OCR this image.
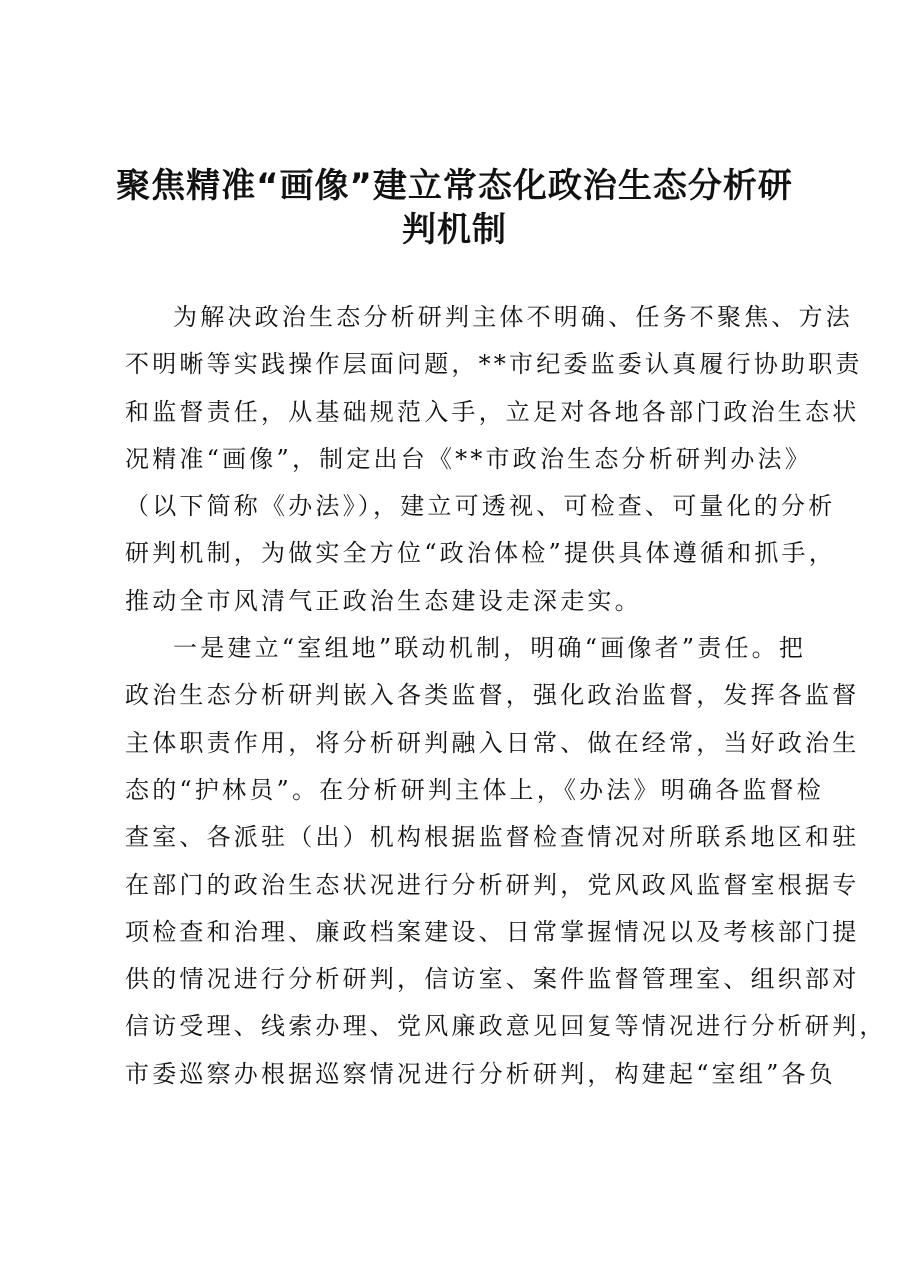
聚焦精准“画像”建立常态化政治生态分析研
判机制
为解决政治生态分析研判主体不明确、任务不聚焦、方法
不明晰等实践操作层面问题，**市纪委监委认真履行协助职责
和监督责任，从基础规范入手，立足对各地各部门政治生态状
况精准“画像”，制定出台《**市政治生态分析研判办法》
（以下简称《办法》），建立可透视、可检查、可量化的分析
研判机制，为做实全方位“政治体检”提供具体遵循和抓手，
推动全市风清气正政治生态建设走深走实。
一是建立“室组地”联动机制，明确“画像者”责任。把
政治生态分析研判嵌入各类监督，强化政治监督，发挥各监督
主体职责作用，将分析研判融入日常、做在经常，当好政治生
态的“护林员”。在分析研判主体上，《办法》明确各监督检
查室、各派驻（出）机构根据监督检查情况对所联系地区和驻
在部门的政治生态状况进行分析研判，党风政风监督室根据专
项检查和治理、廉政档案建设、日常掌握情况以及考核部门提
供的情况进行分析研判，信访室、案件监督管理室、组织部对
信访受理、线索办理、党风廉政意见回复等情况进行分析研判，
市委巡察办根据巡察情况进行分析研判，构建起“室组”各负
